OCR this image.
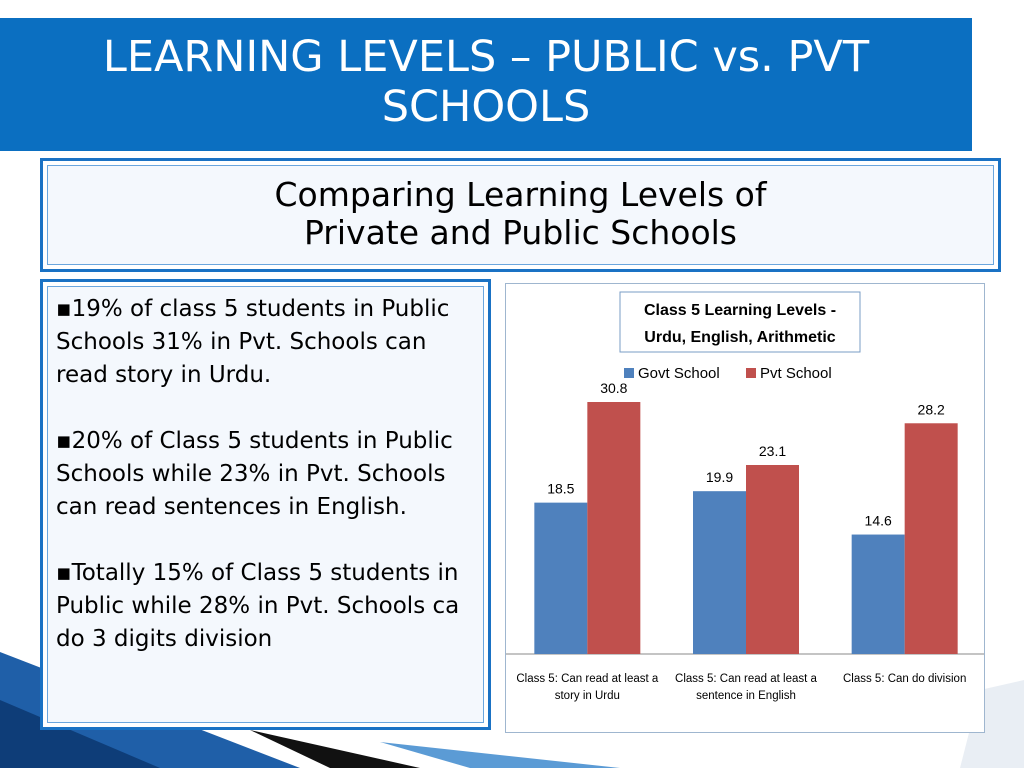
LEARNING LEVELS – PUBLIC vs. PVT
SCHOOLS
Comparing Learning Levels of
Private and Public Schools

▪19% of class 5 students in Public Schools 31% in Pvt. Schools can read story in Urdu.

▪20% of Class 5 students in Public Schools while 23% in Pvt. Schools can read sentences in English.

▪Totally 15% of Class 5 students in Public while 28% in Pvt. Schools ca do 3 digits division

Class 5 Learning Levels -
Urdu, English, Arithmetic
Govt School	Pvt School
18.5
30.8
Class 5: Can read at least a
story in Urdu
19.9
23.1
Class 5: Can read at least a
sentence in English
14.6
28.2
Class 5: Can do division
